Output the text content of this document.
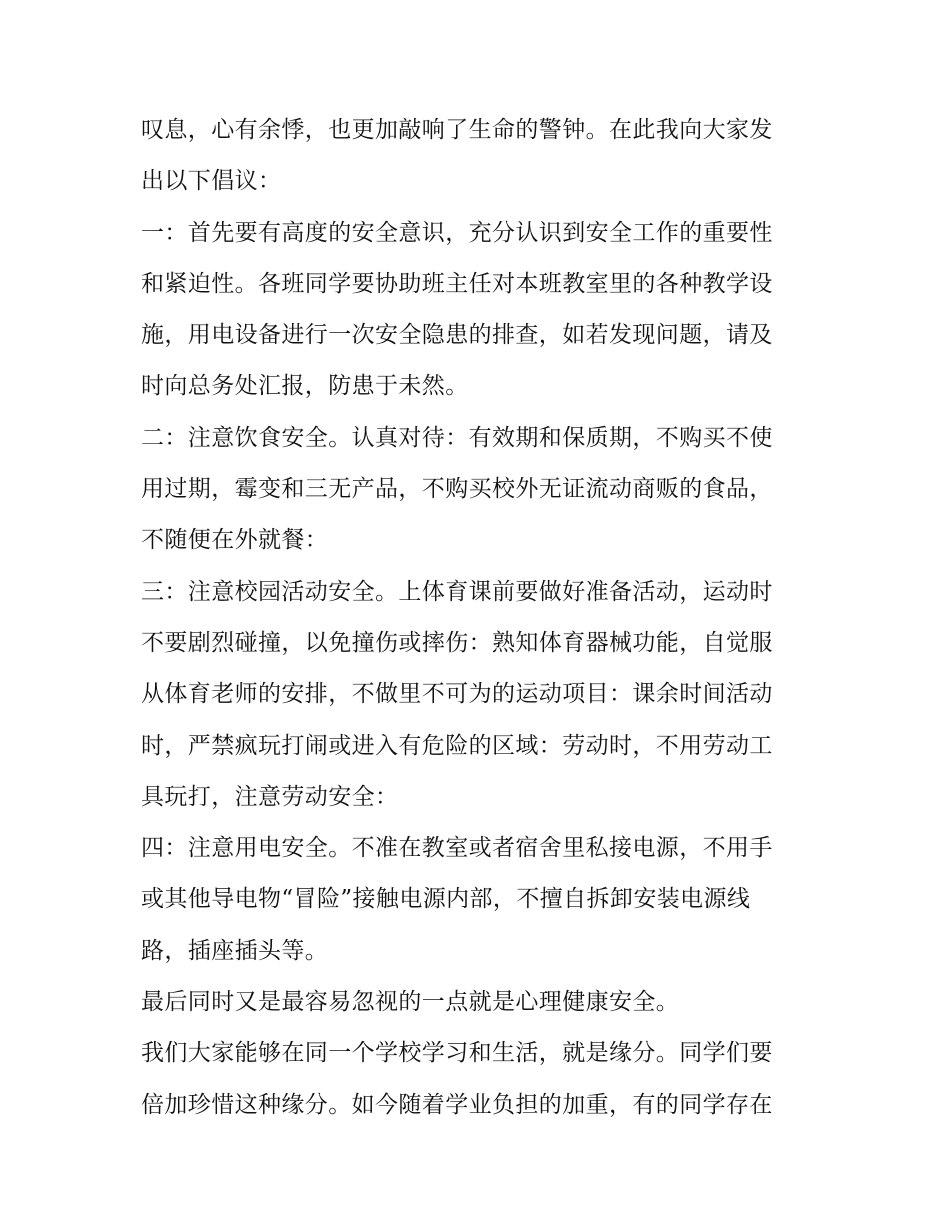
叹息，心有余悸，也更加敲响了生命的警钟。在此我向大家发
出以下倡议：
一：首先要有高度的安全意识，充分认识到安全工作的重要性
和紧迫性。各班同学要协助班主任对本班教室里的各种教学设
施，用电设备进行一次安全隐患的排查，如若发现问题，请及
时向总务处汇报，防患于未然。
二：注意饮食安全。认真对待：有效期和保质期，不购买不使
用过期，霉变和三无产品，不购买校外无证流动商贩的食品，
不随便在外就餐：
三：注意校园活动安全。上体育课前要做好准备活动，运动时
不要剧烈碰撞，以免撞伤或摔伤：熟知体育器械功能，自觉服
从体育老师的安排，不做里不可为的运动项目：课余时间活动
时，严禁疯玩打闹或进入有危险的区域：劳动时，不用劳动工
具玩打，注意劳动安全：
四：注意用电安全。不准在教室或者宿舍里私接电源，不用手
或其他导电物“冒险”接触电源内部，不擅自拆卸安装电源线
路，插座插头等。
最后同时又是最容易忽视的一点就是心理健康安全。
我们大家能够在同一个学校学习和生活，就是缘分。同学们要
倍加珍惜这种缘分。如今随着学业负担的加重，有的同学存在
